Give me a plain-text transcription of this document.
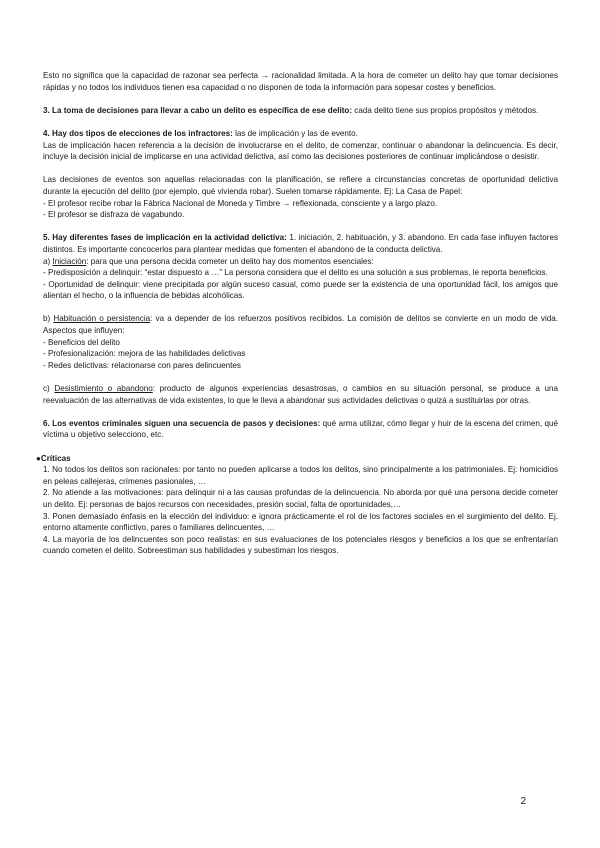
Esto no significa que la capacidad de razonar sea perfecta → racionalidad limitada. A la hora de cometer un delito hay que tomar decisiones rápidas y no todos los individuos tienen esa capacidad o no disponen de toda la información para sopesar costes y beneficios.

3. La toma de decisiones para llevar a cabo un delito es específica de ese delito: cada delito tiene sus propios propósitos y métodos.

4. Hay dos tipos de elecciones de los infractores: las de implicación y las de evento.

Las de implicación hacen referencia a la decisión de involucrarse en el delito, de comenzar, continuar o abandonar la delincuencia. Es decir, incluye la decisión inicial de implicarse en una actividad delictiva, así como las decisiones posteriores de continuar implicándose o desistir.

Las decisiones de eventos son aquellas relacionadas con la planificación, se refiere a circunstancias concretas de oportunidad delictiva durante la ejecución del delito (por ejemplo, qué vivienda robar). Suelen tomarse rápidamente. Ej: La Casa de Papel:

- El profesor recibe robar la Fábrica Nacional de Moneda y Timbre → reflexionada, consciente y a largo plazo.

- El profesor se disfraza de vagabundo.

5. Hay diferentes fases de implicación en la actividad delictiva: 1. iniciación, 2. habituación, y 3. abandono. En cada fase influyen factores distintos. Es importante concocerlos para plantear medidas que fomenten el abandono de la conducta delictiva.

a) Iniciación: para que una persona decida cometer un delito hay dos momentos esenciales:

- Predisposición a delinquir: “estar dispuesto a …” La persona considera que el delito es una solución a sus problemas, le reporta beneficios.

- Oportunidad de delinquir: viene precipitada por algún suceso casual, como puede ser la existencia de una oportunidad fácil, los amigos que alientan el hecho, o la influencia de bebidas alcohólicas.

b) Habituación o persistencia: va a depender de los refuerzos positivos recibidos. La comisión de delitos se convierte en un modo de vida. Aspectos que influyen:

- Beneficios del delito

- Profesionalización: mejora de las habilidades delictivas

- Redes delictivas: relacionarse con pares delincuentes

c) Desistimiento o abandono: producto de algunos experiencias desastrosas, o cambios en su situación personal, se produce a una reevaluación de las alternativas de vida existentes, lo que le lleva a abandonar sus actividades delictivas o quizá a sustituirlas por otras.

6. Los eventos criminales siguen una secuencia de pasos y decisiones: qué arma utilizar, cómo llegar y huir de la escena del crimen, qué víctima u objetivo selecciono, etc.

●Críticas

1. No todos los delitos son racionales: por tanto no pueden aplicarse a todos los delitos, sino principalmente a los patrimoniales. Ej: homicidios en peleas callejeras, crímenes pasionales, …

2. No atiende a las motivaciones: para delinquir ni a las causas profundas de la delincuencia. No aborda por qué una persona decide cometer un delito. Ej: personas de bajos recursos con necesidades, presión social, falta de oportunidades,…

3. Ponen demasiado énfasis en la elección del individuo: e ignora prácticamente el rol de los factores sociales en el surgimiento del delito. Ej. entorno altamente conflictivo, pares o familiares delincuentes, …

4. La mayoría de los delincuentes son poco realistas: en sus evaluaciones de los potenciales riesgos y beneficios a los que se enfrentarían cuando cometen el delito. Sobreestiman sus habilidades y subestiman los riesgos.

2
